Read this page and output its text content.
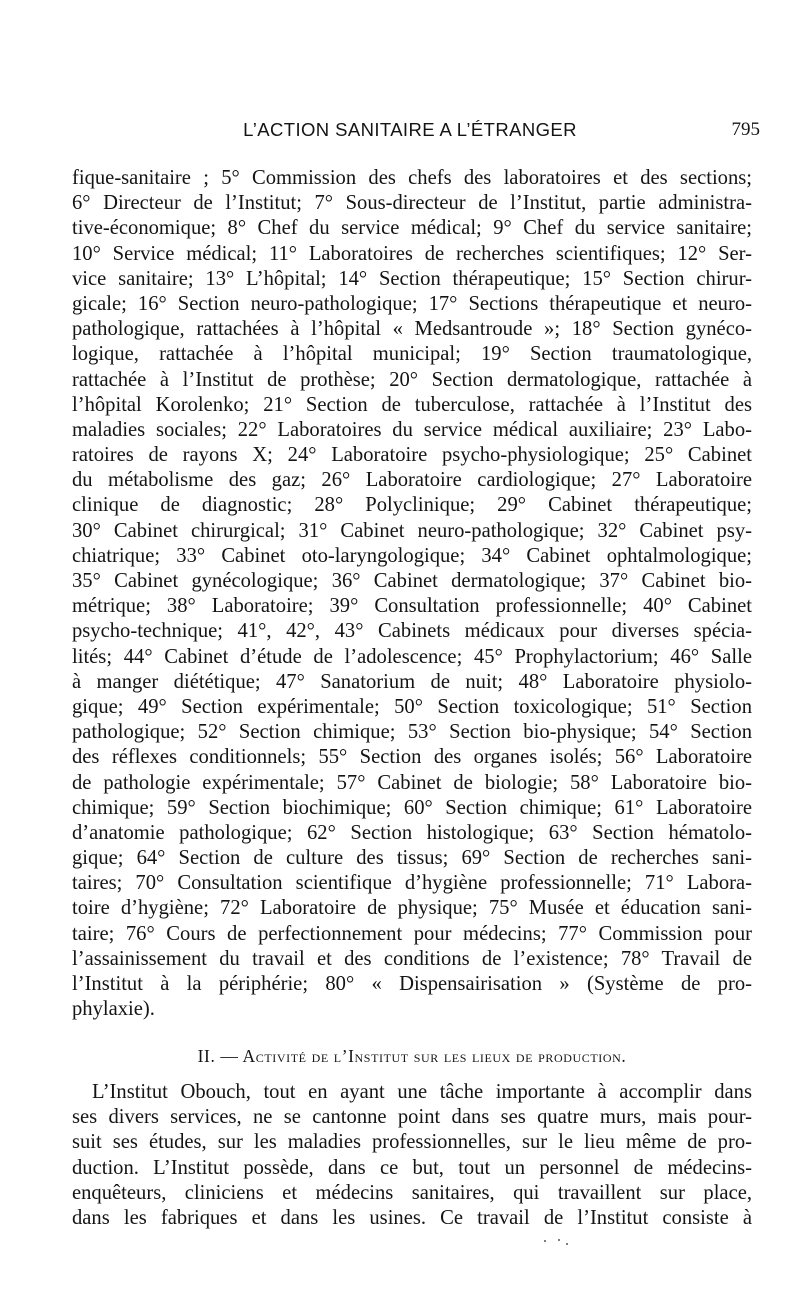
L’ACTION SANITAIRE A L’ÉTRANGER	795
fique-sanitaire ; 5° Commission des chefs des laboratoires et des sections;
6° Directeur de l’Institut; 7° Sous-directeur de l’Institut, partie administra-
tive-économique; 8° Chef du service médical; 9° Chef du service sanitaire;
10° Service médical; 11° Laboratoires de recherches scientifiques; 12° Ser-
vice sanitaire; 13° L’hôpital; 14° Section thérapeutique; 15° Section chirur-
gicale; 16° Section neuro-pathologique; 17° Sections thérapeutique et neuro-
pathologique, rattachées à l’hôpital « Medsantroude »; 18° Section gynéco-
logique, rattachée à l’hôpital municipal; 19° Section traumatologique,
rattachée à l’Institut de prothèse; 20° Section dermatologique, rattachée à
l’hôpital Korolenko; 21° Section de tuberculose, rattachée à l’Institut des
maladies sociales; 22° Laboratoires du service médical auxiliaire; 23° Labo-
ratoires de rayons X; 24° Laboratoire psycho-physiologique; 25° Cabinet
du métabolisme des gaz; 26° Laboratoire cardiologique; 27° Laboratoire
clinique de diagnostic; 28° Polyclinique; 29° Cabinet thérapeutique;
30° Cabinet chirurgical; 31° Cabinet neuro-pathologique; 32° Cabinet psy-
chiatrique; 33° Cabinet oto-laryngologique; 34° Cabinet ophtalmologique;
35° Cabinet gynécologique; 36° Cabinet dermatologique; 37° Cabinet bio-
métrique; 38° Laboratoire; 39° Consultation professionnelle; 40° Cabinet
psycho-technique; 41°, 42°, 43° Cabinets médicaux pour diverses spécia-
lités; 44° Cabinet d’étude de l’adolescence; 45° Prophylactorium; 46° Salle
à manger diététique; 47° Sanatorium de nuit; 48° Laboratoire physiolo-
gique; 49° Section expérimentale; 50° Section toxicologique; 51° Section
pathologique; 52° Section chimique; 53° Section bio-physique; 54° Section
des réflexes conditionnels; 55° Section des organes isolés; 56° Laboratoire
de pathologie expérimentale; 57° Cabinet de biologie; 58° Laboratoire bio-
chimique; 59° Section biochimique; 60° Section chimique; 61° Laboratoire
d’anatomie pathologique; 62° Section histologique; 63° Section hématolo-
gique; 64° Section de culture des tissus; 69° Section de recherches sani-
taires; 70° Consultation scientifique d’hygiène professionnelle; 71° Labora-
toire d’hygiène; 72° Laboratoire de physique; 75° Musée et éducation sani-
taire; 76° Cours de perfectionnement pour médecins; 77° Commission pour
l’assainissement du travail et des conditions de l’existence; 78° Travail de
l’Institut à la périphérie; 80° « Dispensairisation » (Système de pro-
phylaxie).
II. — Activité de l’Institut sur les lieux de production.
L’Institut Obouch, tout en ayant une tâche importante à accomplir dans
ses divers services, ne se cantonne point dans ses quatre murs, mais pour-
suit ses études, sur les maladies professionnelles, sur le lieu même de pro-
duction. L’Institut possède, dans ce but, tout un personnel de médecins-
enquêteurs, cliniciens et médecins sanitaires, qui travaillent sur place,
dans les fabriques et dans les usines. Ce travail de l’Institut consiste à
